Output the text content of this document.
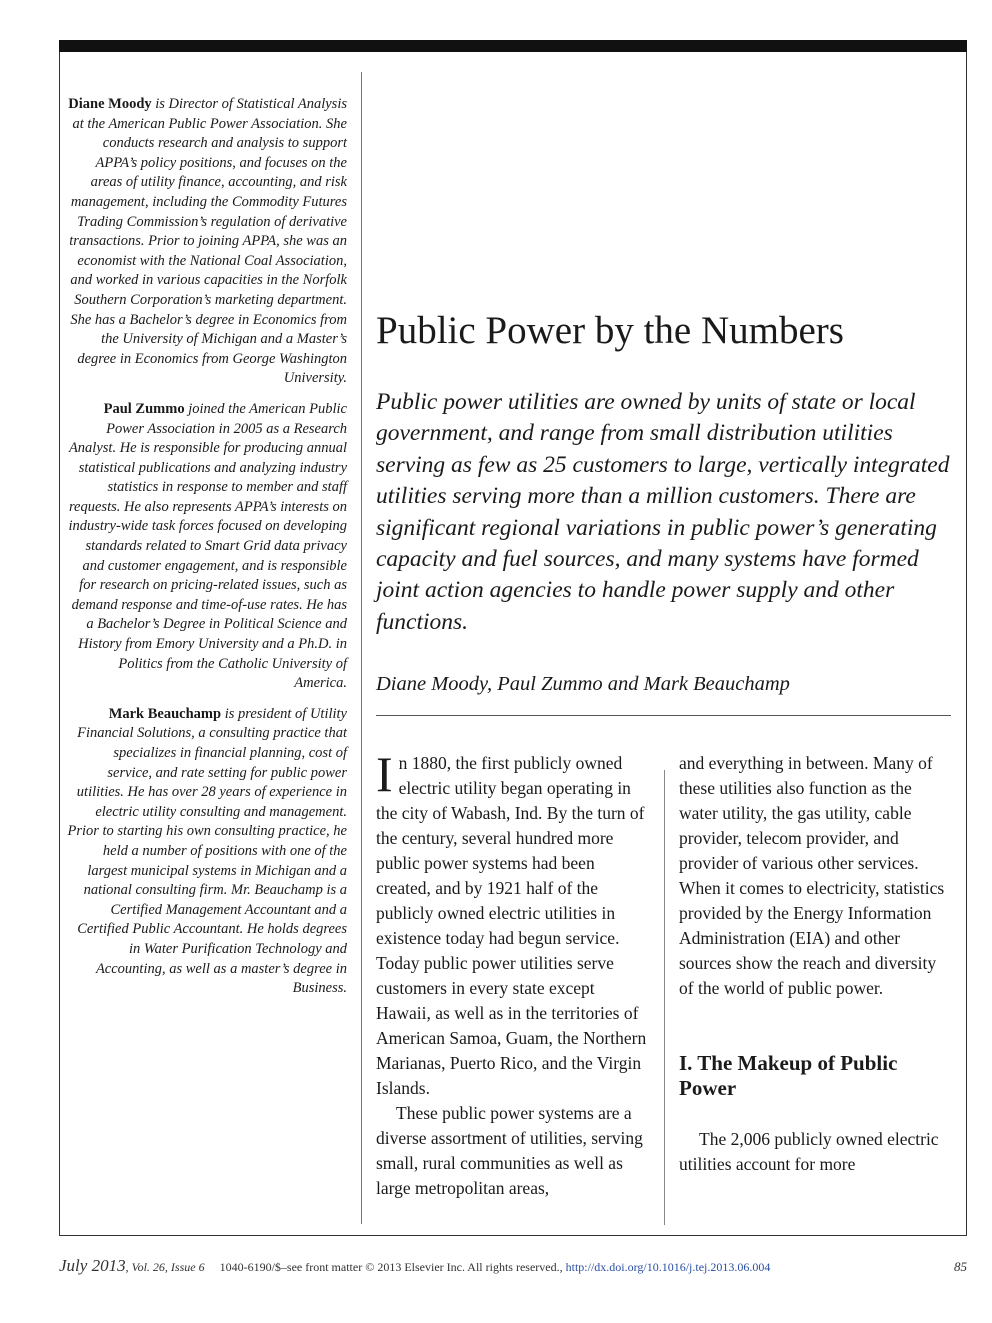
Diane Moody is Director of Statistical Analysis at the American Public Power Association. She conducts research and analysis to support APPA’s policy positions, and focuses on the areas of utility finance, accounting, and risk management, including the Commodity Futures Trading Commission’s regulation of derivative transactions. Prior to joining APPA, she was an economist with the National Coal Association, and worked in various capacities in the Norfolk Southern Corporation’s marketing department. She has a Bachelor’s degree in Economics from the University of Michigan and a Master’s degree in Economics from George Washington University.

Paul Zummo joined the American Public Power Association in 2005 as a Research Analyst. He is responsible for producing annual statistical publications and analyzing industry statistics in response to member and staff requests. He also represents APPA’s interests on industry-wide task forces focused on developing standards related to Smart Grid data privacy and customer engagement, and is responsible for research on pricing-related issues, such as demand response and time-of-use rates. He has a Bachelor’s Degree in Political Science and History from Emory University and a Ph.D. in Politics from the Catholic University of America.

Mark Beauchamp is president of Utility Financial Solutions, a consulting practice that specializes in financial planning, cost of service, and rate setting for public power utilities. He has over 28 years of experience in electric utility consulting and management. Prior to starting his own consulting practice, he held a number of positions with one of the largest municipal systems in Michigan and a national consulting firm. Mr. Beauchamp is a Certified Management Accountant and a Certified Public Accountant. He holds degrees in Water Purification Technology and Accounting, as well as a master’s degree in Business.

Public Power by the Numbers

Public power utilities are owned by units of state or local government, and range from small distribution utilities serving as few as 25 customers to large, vertically integrated utilities serving more than a million customers. There are significant regional variations in public power’s generating capacity and fuel sources, and many systems have formed joint action agencies to handle power supply and other functions.

Diane Moody, Paul Zummo and Mark Beauchamp

In 1880, the first publicly owned electric utility began operating in the city of Wabash, Ind. By the turn of the century, several hundred more public power systems had been created, and by 1921 half of the publicly owned electric utilities in existence today had begun service. Today public power utilities serve customers in every state except Hawaii, as well as in the territories of American Samoa, Guam, the Northern Marianas, Puerto Rico, and the Virgin Islands.

These public power systems are a diverse assortment of utilities, serving small, rural communities as well as large metropolitan areas,

and everything in between. Many of these utilities also function as the water utility, the gas utility, cable provider, telecom provider, and provider of various other services. When it comes to electricity, statistics provided by the Energy Information Administration (EIA) and other sources show the reach and diversity of the world of public power.

I. The Makeup of Public Power

The 2,006 publicly owned electric utilities account for more

July 2013, Vol. 26, Issue 6 1040-6190/$–see front matter © 2013 Elsevier Inc. All rights reserved., http://dx.doi.org/10.1016/j.tej.2013.06.004	85
